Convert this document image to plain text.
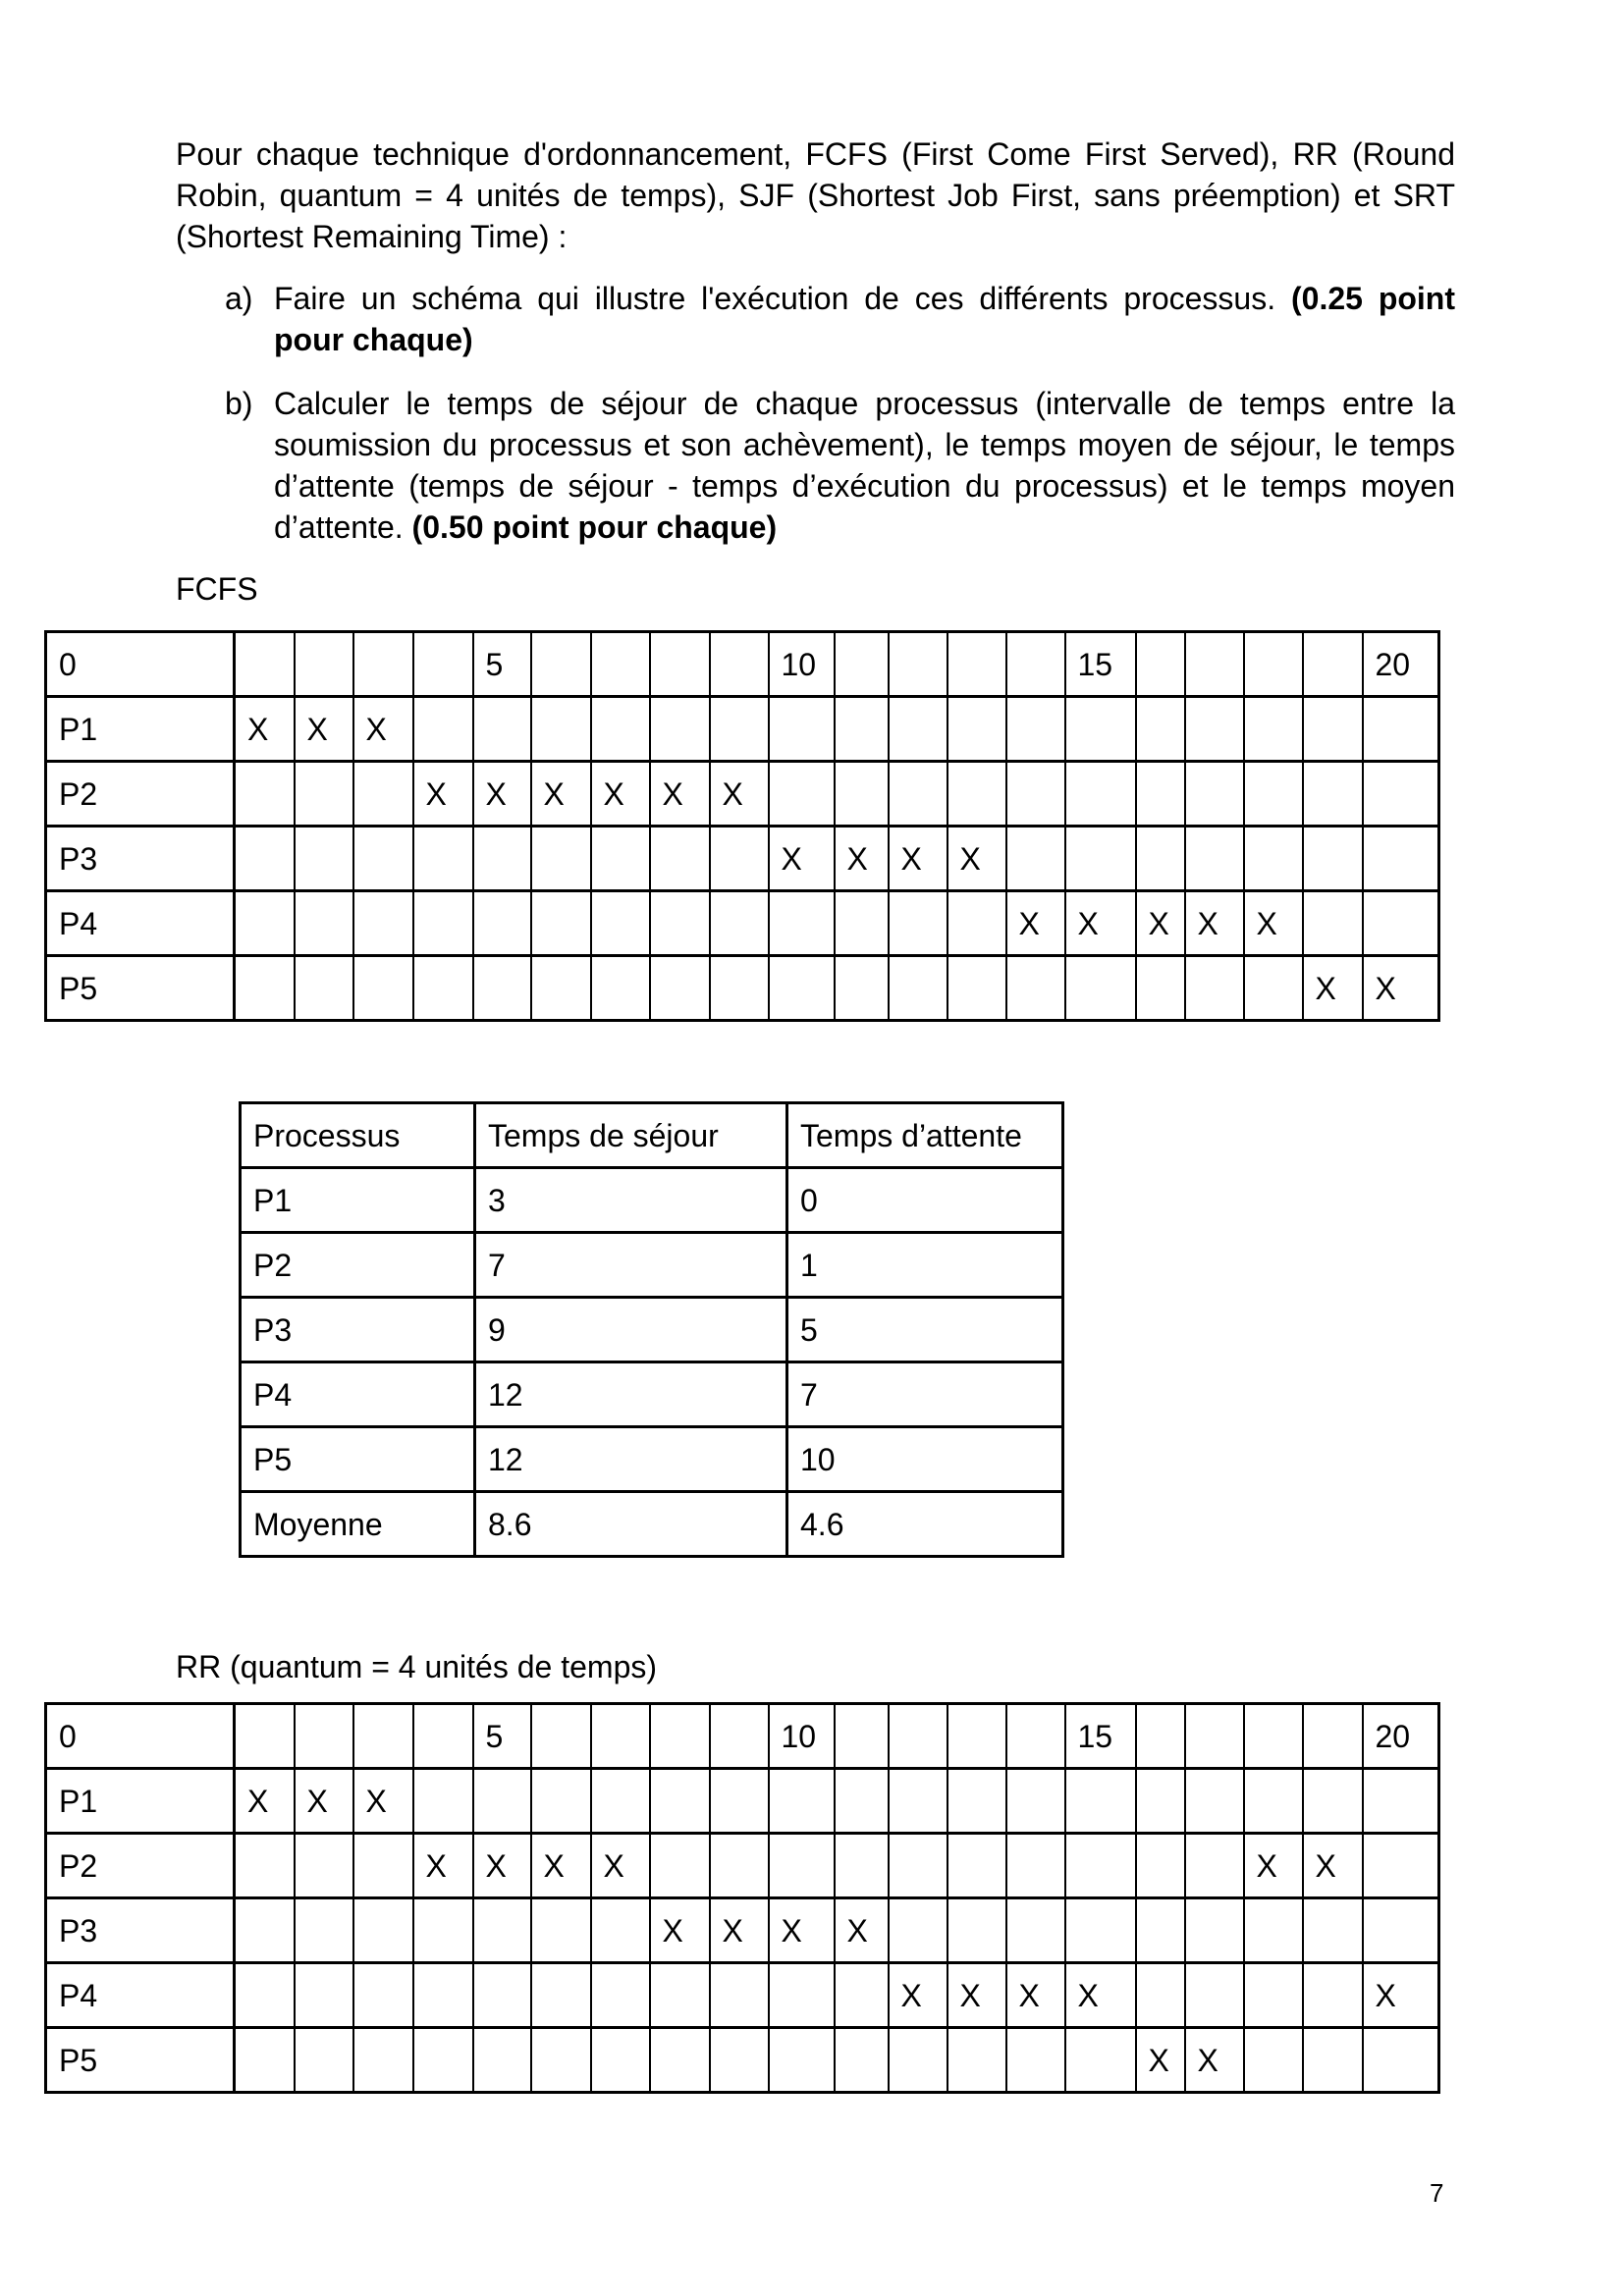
Pour chaque technique d'ordonnancement, FCFS (First Come First Served), RR (Round Robin, quantum = 4 unités de temps), SJF (Shortest Job First, sans préemption) et SRT (Shortest Remaining Time) :

a) Faire un schéma qui illustre l'exécution de ces différents processus. (0.25 point pour chaque)
b) Calculer le temps de séjour de chaque processus (intervalle de temps entre la soumission du processus et son achèvement), le temps moyen de séjour, le temps d’attente (temps de séjour - temps d’exécution du processus) et le temps moyen d’attente. (0.50 point pour chaque)
FCFS
0					5					10					15					20
P1	X	X	X																	
P2				X	X	X	X	X	X											
P3										X	X	X	X							
P4														X	X	X	X	X		
P5																			X	X
Processus	Temps de séjour	Temps d’attente
P1	3	0
P2	7	1
P3	9	5
P4	12	7
P5	12	10
Moyenne	8.6	4.6
RR (quantum = 4 unités de temps)
0					5					10					15					20
P1	X	X	X																	
P2				X	X	X	X											X	X	
P3								X	X	X	X									
P4												X	X	X	X					X
P5																X	X			
7
